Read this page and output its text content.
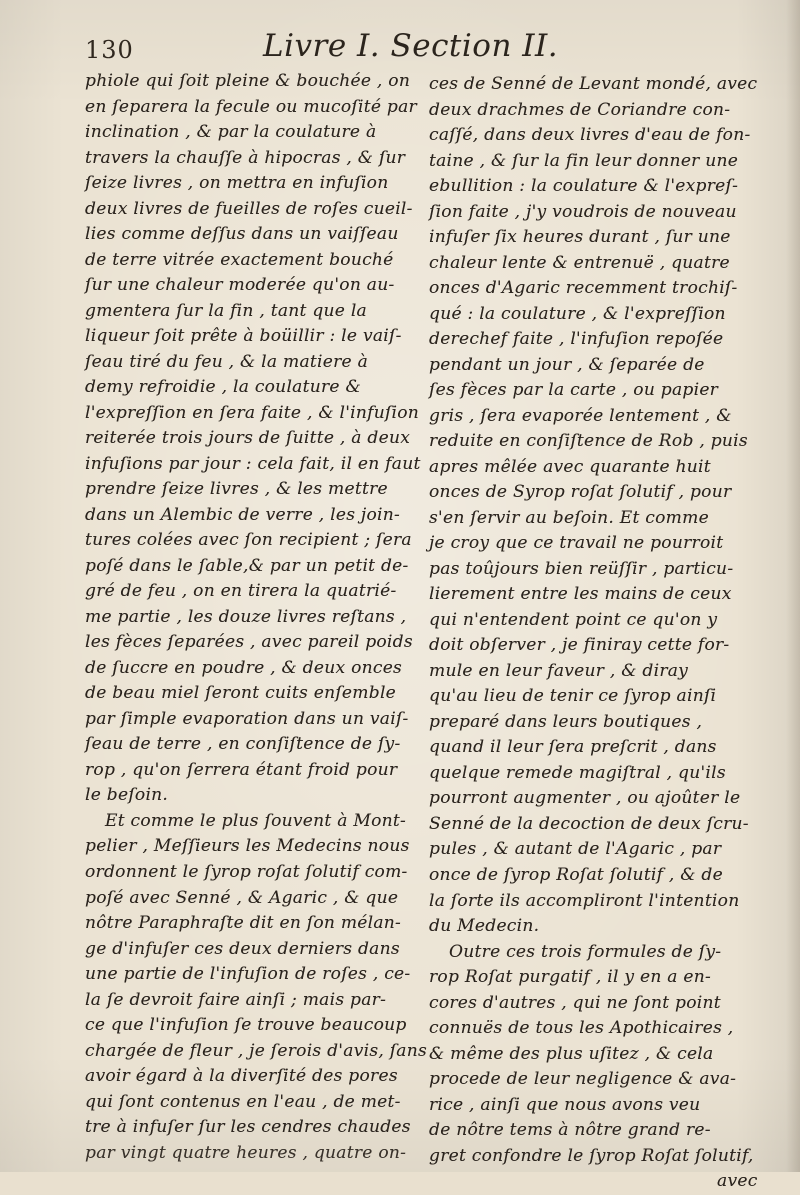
130	Livre I. Section II.
phiole qui ſoit pleine & bouchée , on
en ſeparera la fecule ou mucoſité par
inclination , & par la coulature à
travers la chauſſe à hipocras , & ſur
ſeize livres , on mettra en infuſion
deux livres de fueilles de roſes cueil-
lies comme deſſus dans un vaiſſeau
de terre vitrée exactement bouché
ſur une chaleur moderée qu'on au-
gmentera ſur la fin , tant que la
liqueur ſoit prête à boüillir : le vaiſ-
ſeau tiré du feu , & la matiere à
demy refroidie , la coulature &
l'expreſſion en ſera faite , & l'infuſion
reiterée trois jours de ſuitte , à deux
infuſions par jour : cela fait, il en faut
prendre ſeize livres , & les mettre
dans un Alembic de verre , les join-
tures colées avec ſon recipient ; ſera
poſé dans le ſable,& par un petit de-
gré de feu , on en tirera la quatrié-
me partie , les douze livres reſtans ,
les fèces ſeparées , avec pareil poids
de ſuccre en poudre , & deux onces
de beau miel ſeront cuits enſemble
par ſimple evaporation dans un vaiſ-
ſeau de terre , en conſiſtence de ſy-
rop , qu'on ſerrera étant froid pour
le beſoin.
Et comme le plus ſouvent à Mont-
pelier , Meſſieurs les Medecins nous
ordonnent le ſyrop roſat ſolutif com-
poſé avec Senné , & Agaric , & que
nôtre Paraphraſte dit en ſon mélan-
ge d'infuſer ces deux derniers dans
une partie de l'infuſion de roſes , ce-
la ſe devroit faire ainſi ; mais par-
ce que l'infuſion ſe trouve beaucoup
chargée de fleur , je ſerois d'avis, ſans
avoir égard à la diverſité des pores
qui ſont contenus en l'eau , de met-
tre à infuſer ſur les cendres chaudes
par vingt quatre heures , quatre on-
ces de Senné de Levant mondé, avec
deux drachmes de Coriandre con-
caſſé, dans deux livres d'eau de fon-
taine , & ſur la fin leur donner une
ebullition : la coulature & l'expreſ-
ſion faite , j'y voudrois de nouveau
infuſer ſix heures durant , ſur une
chaleur lente & entrenuë , quatre
onces d'Agaric recemment trochiſ-
qué : la coulature , & l'expreſſion
derechef faite , l'infuſion repoſée
pendant un jour , & ſeparée de
ſes fèces par la carte , ou papier
gris , ſera evaporée lentement , &
reduite en conſiſtence de Rob , puis
apres mêlée avec quarante huit
onces de Syrop roſat ſolutif , pour
s'en ſervir au beſoin. Et comme
je croy que ce travail ne pourroit
pas toûjours bien reüſſir , particu-
lierement entre les mains de ceux
qui n'entendent point ce qu'on y
doit obſerver , je finiray cette for-
mule en leur faveur , & diray
qu'au lieu de tenir ce ſyrop ainſi
preparé dans leurs boutiques ,
quand il leur ſera preſcrit , dans
quelque remede magiſtral , qu'ils
pourront augmenter , ou ajoûter le
Senné de la decoction de deux ſcru-
pules , & autant de l'Agaric , par
once de ſyrop Roſat ſolutif , & de
la ſorte ils accompliront l'intention
du Medecin.
Outre ces trois formules de ſy-
rop Roſat purgatif , il y en a en-
cores d'autres , qui ne ſont point
connuës de tous les Apothicaires ,
& même des plus uſitez , & cela
procede de leur negligence & ava-
rice , ainſi que nous avons veu
de nôtre tems à nôtre grand re-
gret confondre le ſyrop Roſat ſolutif,
avec
